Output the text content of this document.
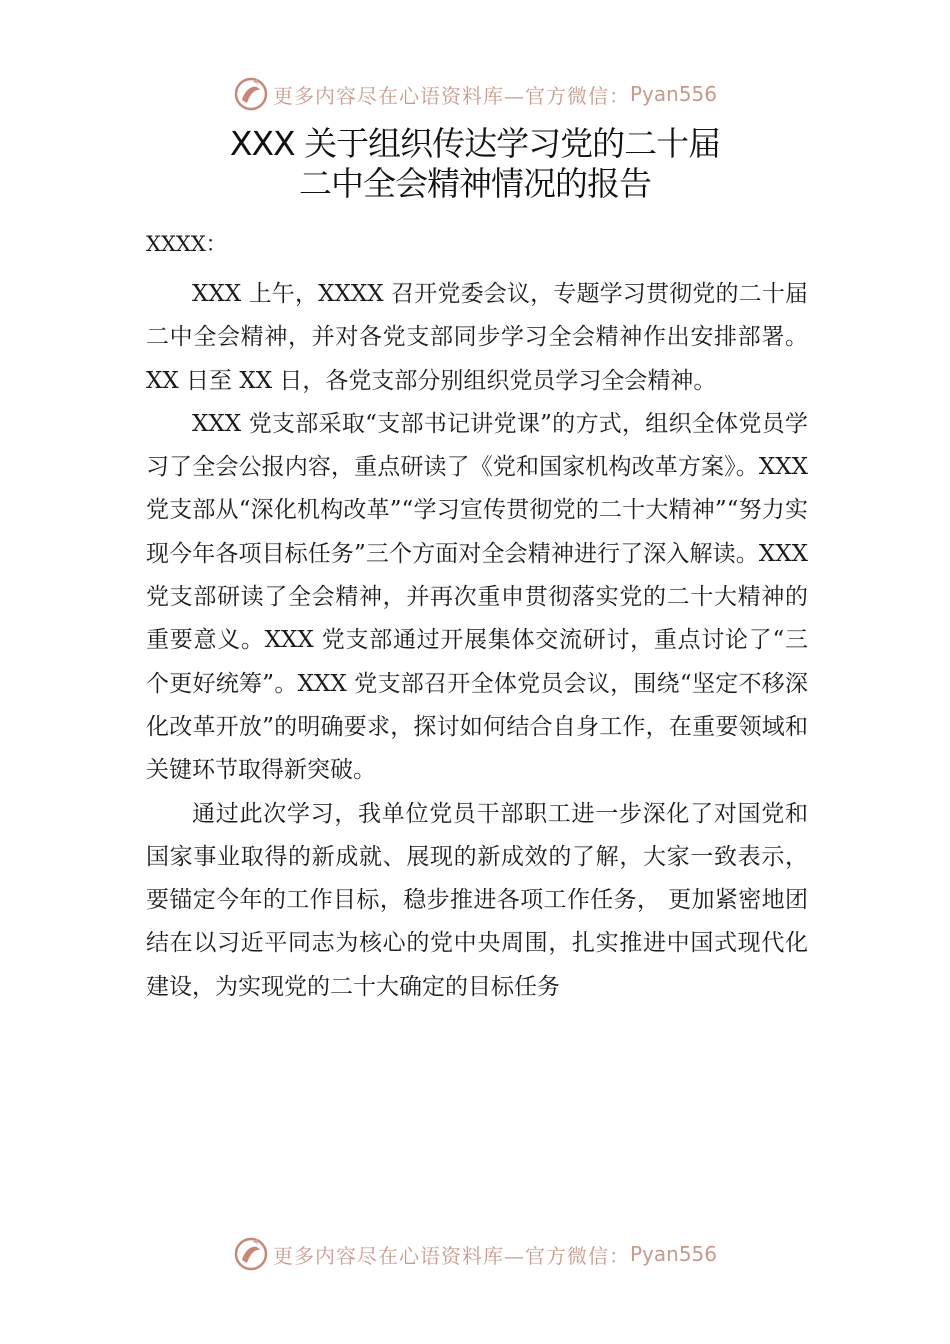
更多内容尽在心语资料库—官方微信： Pyan556
XXX 关于组织传达学习党的二十届
二中全会精神情况的报告

XXXX：

XXX 上午，XXXX 召开党委会议，专题学习贯彻党的二十届二中全会精神，并对各党支部同步学习全会精神作出安排部署。XX 日至 XX 日，各党支部分别组织党员学习全会精神。

XXX 党支部采取“支部书记讲党课”的方式，组织全体党员学习了全会公报内容，重点研读了《党和国家机构改革方案》。XXX 党支部从“深化机构改革”“学习宣传贯彻党的二十大精神”“努力实现今年各项目标任务”三个方面对全会精神进行了深入解读。XXX 党支部研读了全会精神，并再次重申贯彻落实党的二十大精神的重要意义。XXX 党支部通过开展集体交流研讨，重点讨论了“三个更好统筹”。XXX 党支部召开全体党员会议，围绕“坚定不移深化改革开放”的明确要求，探讨如何结合自身工作，在重要领域和关键环节取得新突破。

通过此次学习，我单位党员干部职工进一步深化了对国党和国家事业取得的新成就、展现的新成效的了解，大家一致表示，要锚定今年的工作目标，稳步推进各项工作任务， 更加紧密地团结在以习近平同志为核心的党中央周围，扎实推进中国式现代化建设，为实现党的二十大确定的目标任务

更多内容尽在心语资料库—官方微信： Pyan556
